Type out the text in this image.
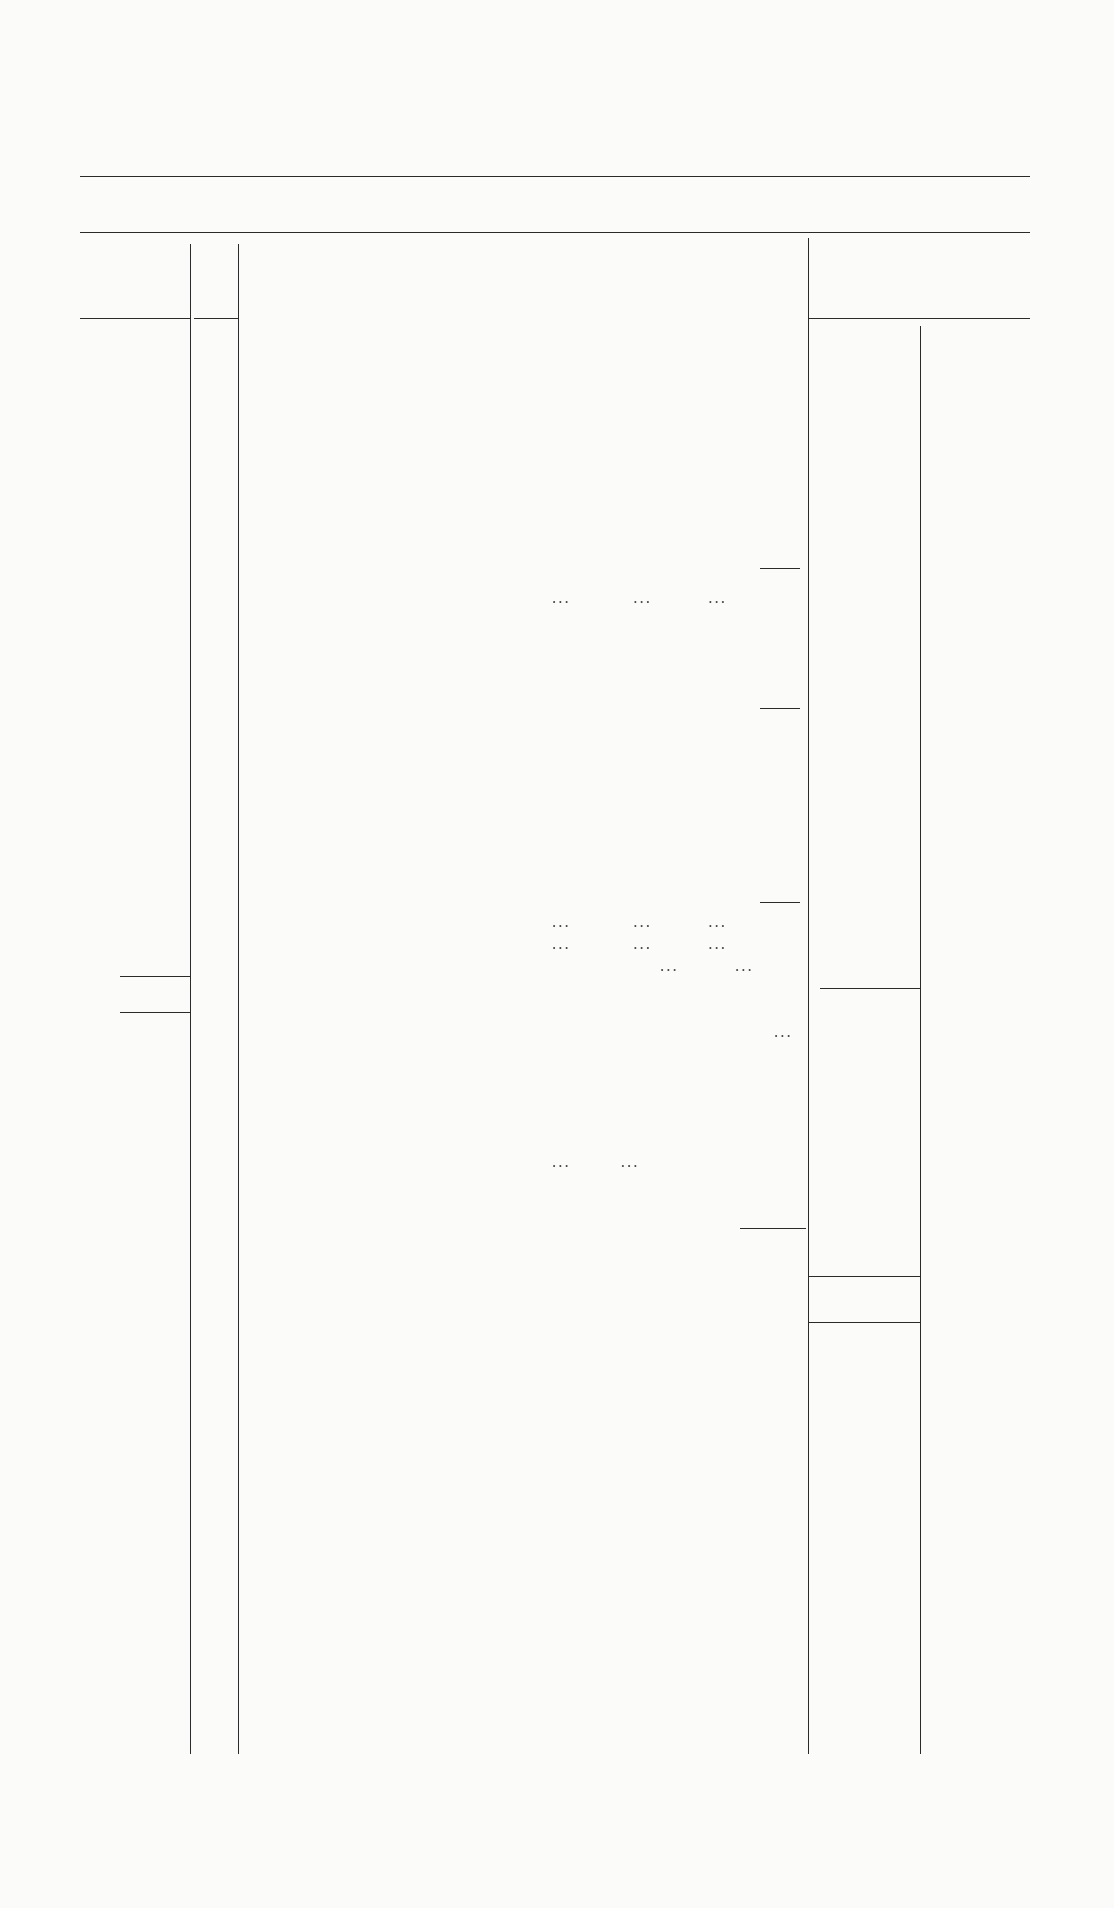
...          ...         ...
...          ...         ...
...          ...         ...
...         ...
...
...        ...
